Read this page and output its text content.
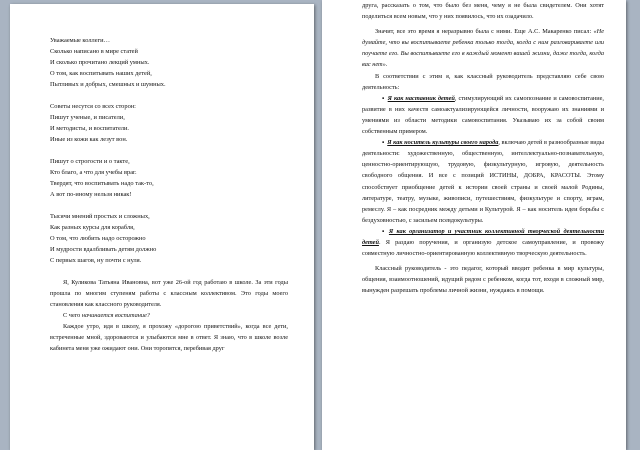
Уважаемые коллеги…
Сколько написано в мире статей
И сколько прочитано лекций умных.
О том, как воспитывать наших детей,
Пытливых и добрых, смешных и шумных.
Советы несутся со всех сторон:
Пишут ученые, и писатели,
И методисты, и воспитатели.
Иные из кожи как лезут вон.
Пишут о строгости и о такте,
Кто благо, а что для учебы враг.
Твердят, что воспитывать надо так-то,
А вот по-иному нельзя никак!
Тысячи мнений простых и сложных,
Как разных курсы для корабля,
О том, что любить надо осторожно
И мудрости вдалбливать детям должно
С первых шагов, ну почти с нуля.
Я, Куликова Татьяна Ивановна, вот уже 26-ой год работаю в школе. За эти годы прошла по многим ступеням работы с классным коллективом. Это годы моего становления как классного руководителя.
С чего начинается воспитание?
Каждое утро, идя в школу, я прохожу «дорогою приветствий», когда все дети, встреченные мной, здороваются и улыбаются мне в ответ. Я знаю, что в школе возле кабинета меня уже ожидают они. Они торопятся, перебивая друг
друга, рассказать о том, что было без меня, чему я не была свидетелем. Они хотят поделиться всем новым, что у них появилось, что их озадачило.
Значит, все это время я неразрывно была с ними. Еще А.С. Макаренко писал: «Не думайте, что вы воспитываете ребенка только тогда, когда с ним разговариваете или поучаете его. Вы воспитываете его в каждый момент вашей жизни, даже тогда, когда вас нет».
В соответствии с этим я, как классный руководитель представляю себе свою деятельность:
▪ Я как наставник детей, стимулирующий их самопознание и самовоспитание, развитие в них качеств самоактуализирующейся личности, вооружаю их знаниями и умениями из области методики самовоспитания. Указываю их за собой своим собственным примером.
▪ Я как носитель культуры своего народа, включаю детей в разнообразные виды деятельности: художественную, общественную, интеллектуально-познавательную, ценностно-ориентирующую, трудовую, физкультурную, игровую, деятельность свободного общения. И все с позиций ИСТИНЫ, ДОБРА, КРАСОТЫ. Этому способствует приобщение детей к истории своей страны и своей малой Родины, литературе, театру, музыке, живописи, путешествиям, физкультуре и спорту, играм, ремеслу. Я – как посредник между детьми и Культурой. Я – как носитель идеи борьбы с бездуховностью, с засильем псевдокультуры.
▪ Я как организатор и участник коллективной творческой деятельности детей. Я раздаю поручения, и организую детское самоуправление, и провожу совместную личностно-ориентированную коллективную творческую деятельность.
Классный руководитель - это педагог, который вводит ребенка в мир культуры, общения, взаимоотношений, идущий рядом с ребенком, когда тот, входя в сложный мир, вынужден разрешать проблемы личной жизни, нуждаясь в помощи.
